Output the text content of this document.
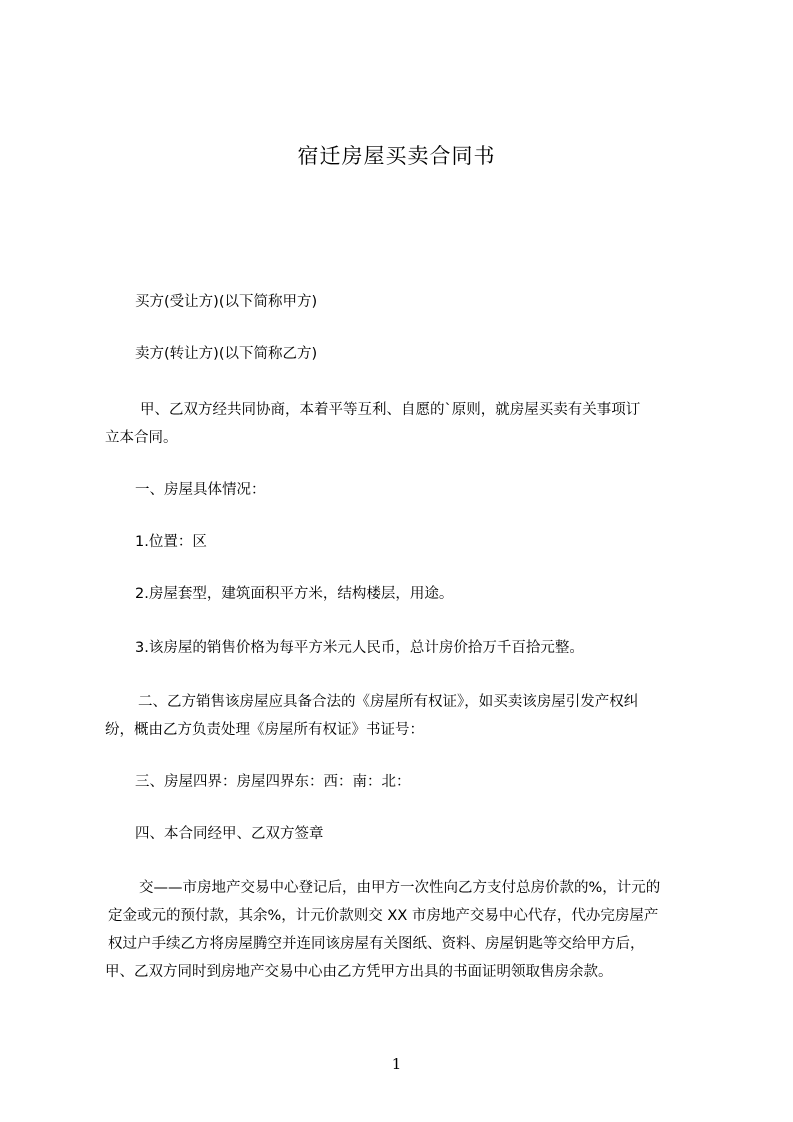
宿迁房屋买卖合同书
买方(受让方)(以下简称甲方)
卖方(转让方)(以下简称乙方)
甲、乙双方经共同协商，本着平等互利、自愿的`原则，就房屋买卖有关事项订
立本合同。
一、房屋具体情况：
1.位置：区
2.房屋套型，建筑面积平方米，结构楼层，用途。
3.该房屋的销售价格为每平方米元人民币，总计房价拾万千百拾元整。
二、乙方销售该房屋应具备合法的《房屋所有权证》，如买卖该房屋引发产权纠
纷，概由乙方负责处理《房屋所有权证》书证号：
三、房屋四界：房屋四界东：西：南：北：
四、本合同经甲、乙双方签章
交——市房地产交易中心登记后，由甲方一次性向乙方支付总房价款的%，计元的
定金或元的预付款，其余%，计元价款则交 XX 市房地产交易中心代存，代办完房屋产
权过户手续乙方将房屋腾空并连同该房屋有关图纸、资料、房屋钥匙等交给甲方后，
甲、乙双方同时到房地产交易中心由乙方凭甲方出具的书面证明领取售房余款。
1
